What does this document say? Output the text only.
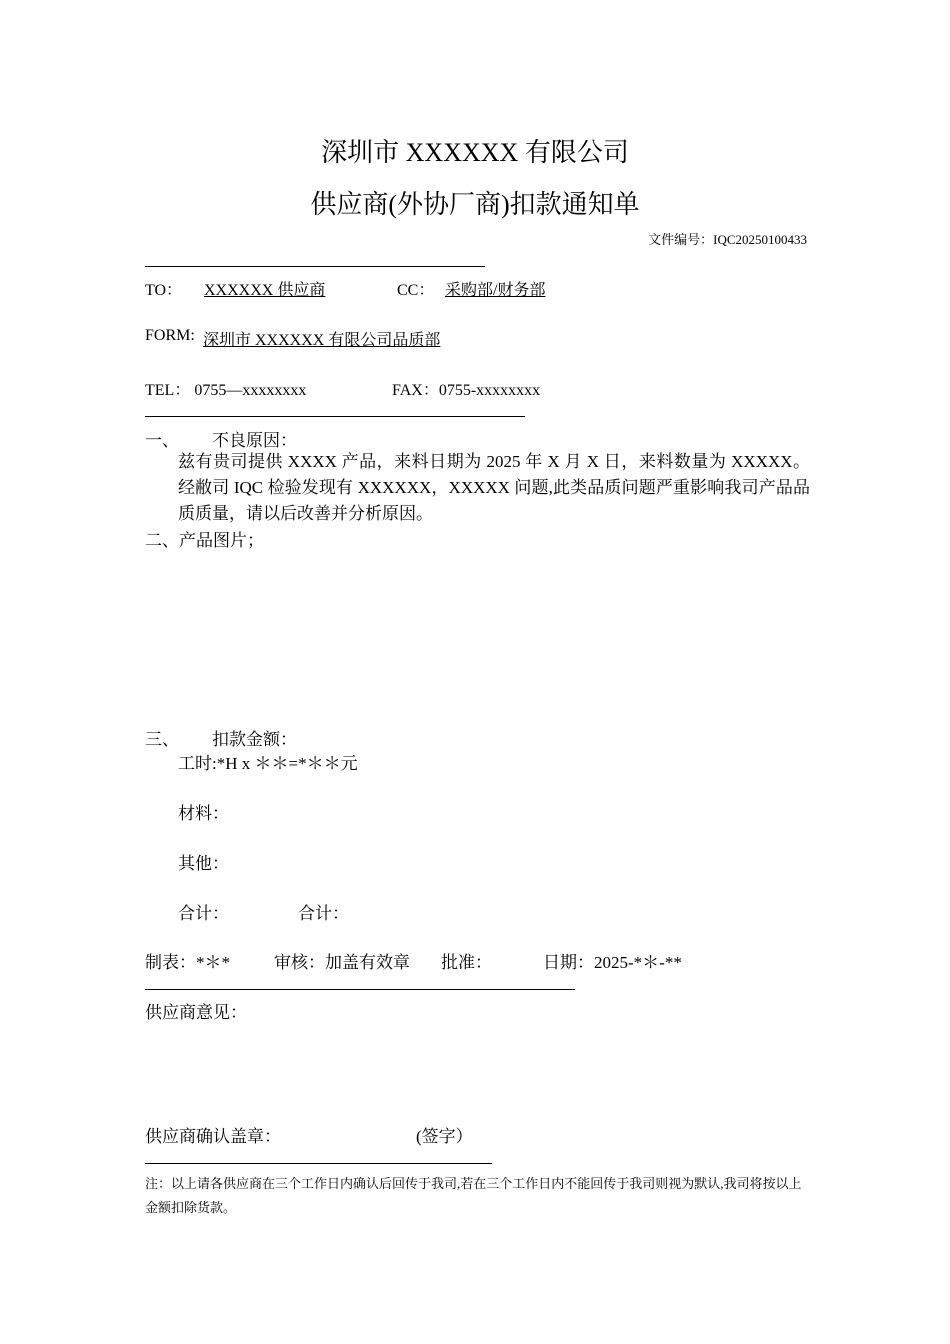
深圳市 XXXXXX 有限公司
供应商(外协厂商)扣款通知单
文件编号：IQC20250100433
TO：	XXXXXX 供应商	CC： 采购部/财务部
FORM: 深圳市 XXXXXX 有限公司品质部
TEL： 0755—xxxxxxxx	FAX：0755-xxxxxxxx
一、 不良原因：
兹有贵司提供 XXXX 产品，来料日期为 2025 年 X 月 X 日，来料数量为 XXXXX。经敝司 IQC 检验发现有 XXXXXX，XXXXX 问题,此类品质问题严重影响我司产品品质质量，请以后改善并分析原因。
二、产品图片；
三、 扣款金额：
工时:*H x ＊＊=*＊＊元
材料：
其他：
合计：	合计：
制表：*＊*	审核：加盖有效章 批准：	日期：2025-*＊-**
供应商意见：
供应商确认盖章：	(签字）
注：以上请各供应商在三个工作日内确认后回传于我司,若在三个工作日内不能回传于我司则视为默认,我司将按以上金额扣除货款。
